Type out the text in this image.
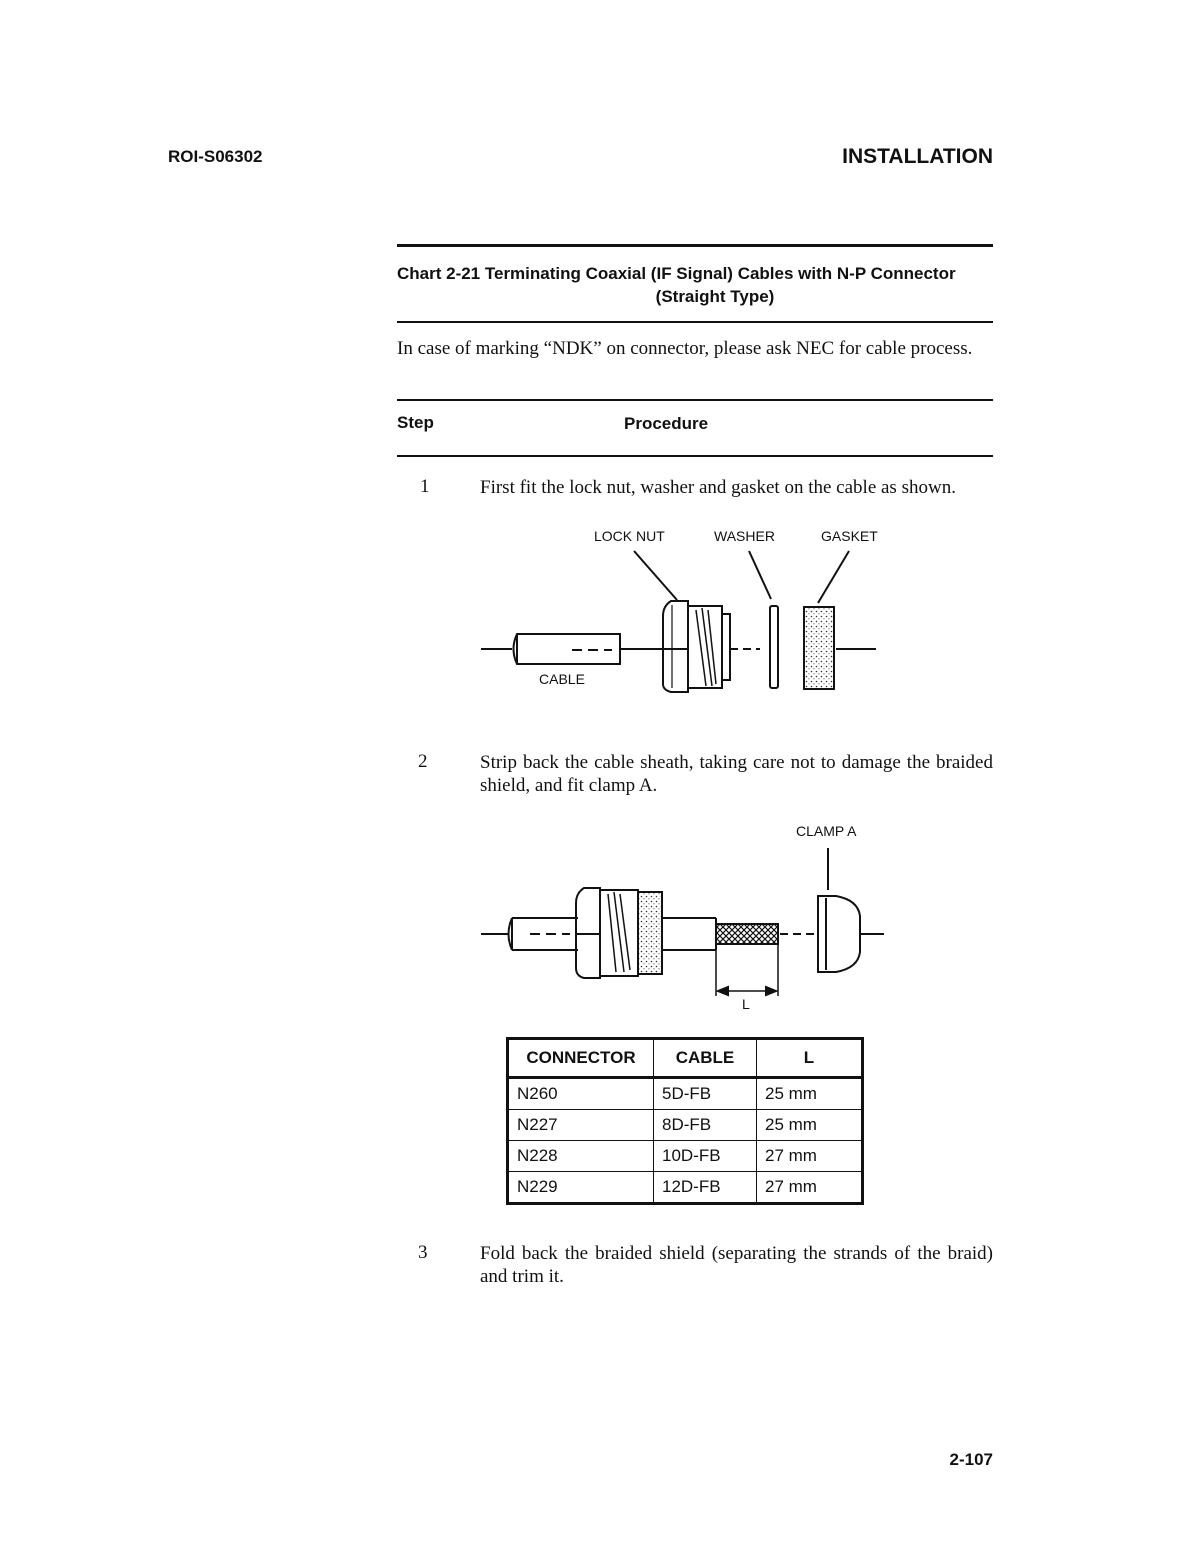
ROI-S06302	INSTALLATION
Chart 2-21 Terminating Coaxial (IF Signal) Cables with N-P Connector
(Straight Type)
In case of marking “NDK” on connector, please ask NEC for cable process.
Step	Procedure
1	First fit the lock nut, washer and gasket on the cable as shown.
LOCK NUT	WASHER	GASKET
CABLE
2	Strip back the cable sheath, taking care not to damage the braided shield, and fit clamp A.
CLAMP A
L
CONNECTOR	CABLE	L
N260	5D-FB	25 mm
N227	8D-FB	25 mm
N228	10D-FB	27 mm
N229	12D-FB	27 mm
3	Fold back the braided shield (separating the strands of the braid) and trim it.
2-107
